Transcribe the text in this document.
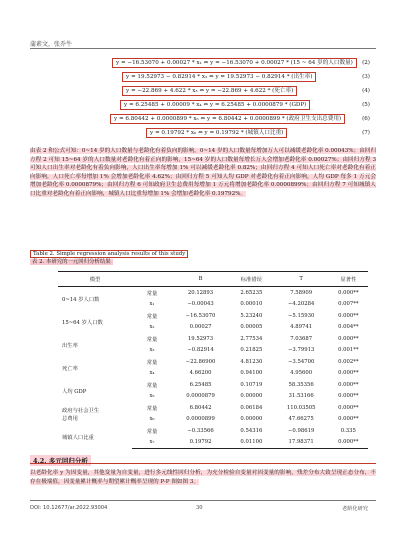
蒲素文，张乔牛
y = −16.53070 + 0.00027 * x₁ ⇔ y = −16.53070 + 0.00027 * (15 ~ 64 岁的人口数量)	(2)
y = 19.52973 − 0.82914 * x₂ ⇔ y = 19.52973 − 0.82914 * (出生率)	(3)
y = −22.869 + 4.622 * x₃ ⇔ y = −22.869 + 4.622 * (死亡率)	(4)
y = 6.25485 + 0.00009 * x₄ ⇔ y = 6.25485 + 0.0000879 * (GDP)	(5)
y = 6.80442 + 0.0000899 * x₅ ⇔ y = 6.80442 + 0.0000899 * (政府卫生支出总费用)	(6)
y = 0.19792 * x₆ ⇔ y = 0.19792 * (城镇人口比重)	(7)
由表 2 和公式可知：0~14 岁的人口数量与老龄化有着负向的影响，0~14 岁的人口数量每增加万人可以减缓老龄化率 0.00043%；由回归方程 2 可知 15~64 岁的人口数量对老龄化有着正向的影响，15~64 岁的人口数量每增长万人会增加老龄化率 0.00027%；由回归方程 3 可知人口出生率对老龄化有着负向影响，人口出生率每增加 1% 可以减缓老龄化率 0.82%；由回归方程 4 可知人口死亡率对老龄化有着正向影响，人口死亡率每增加 1% 会增加老龄化率 4.62%；由回归方程 5 可知人均 GDP 对老龄化有着正向影响，人均 GDP 每多 1 万元会增加老龄化率 0.0000879%；由回归方程 6 可知政府卫生总费用每增加 1 万元将增加老龄化率 0.0000899%；由回归方程 7 可知城镇人口比重对老龄化有着正向影响，城镇人口比重每增加 1% 会增加老龄化率 0.19792%。
Table 2. Simple regression analysis results of this study
表 2. 本研究的一元回归分析结果
模型		B	标准错误	T	显著性
0~14 岁人口数	常量	20.12893	2.65235	7.58909	0.000**
	x₁	−0.00043	0.00010	−4.20284	0.007**
15~64 岁人口数	常量	−16.53070	5.23240	−5.15930	0.000**
	x₂	0.00027	0.00005	4.89741	0.004**
出生率	常量	19.52973	2.77534	7.03687	0.000**
	x₃	−0.82914	0.21825	−3.79913	0.001**
死亡率	常量	−22.86900	4.81230	−3.54700	0.002**
	x₄	4.66200	0.94100	4.95600	0.000**
人均 GDP	常量	6.25485	0.10719	58.35356	0.000**
	x₅	0.0000879	0.00000	31.53166	0.000**
政府与社会卫生
总费用	常量	6.80442	0.06184	110.03505	0.000**
	x₆	0.0000899	0.00000	47.66275	0.000**
城镇人口比重	常量	−0.33566	0.54316	−0.98619	0.335
	x₇	0.19792	0.01100	17.98371	0.000**
4.2. 多元回归分析
以老龄化率 y 为因变量，其他变量为自变量，进行多元线性回归分析，为充分检验自变量对因变量的影响，残差分布大致呈现正态分布，不存在极端值，因变量累计概率与期望累计概率呈现的 P-P 图如图 3。
DOI: 10.12677/ar.2022.93004	30	老龄化研究
